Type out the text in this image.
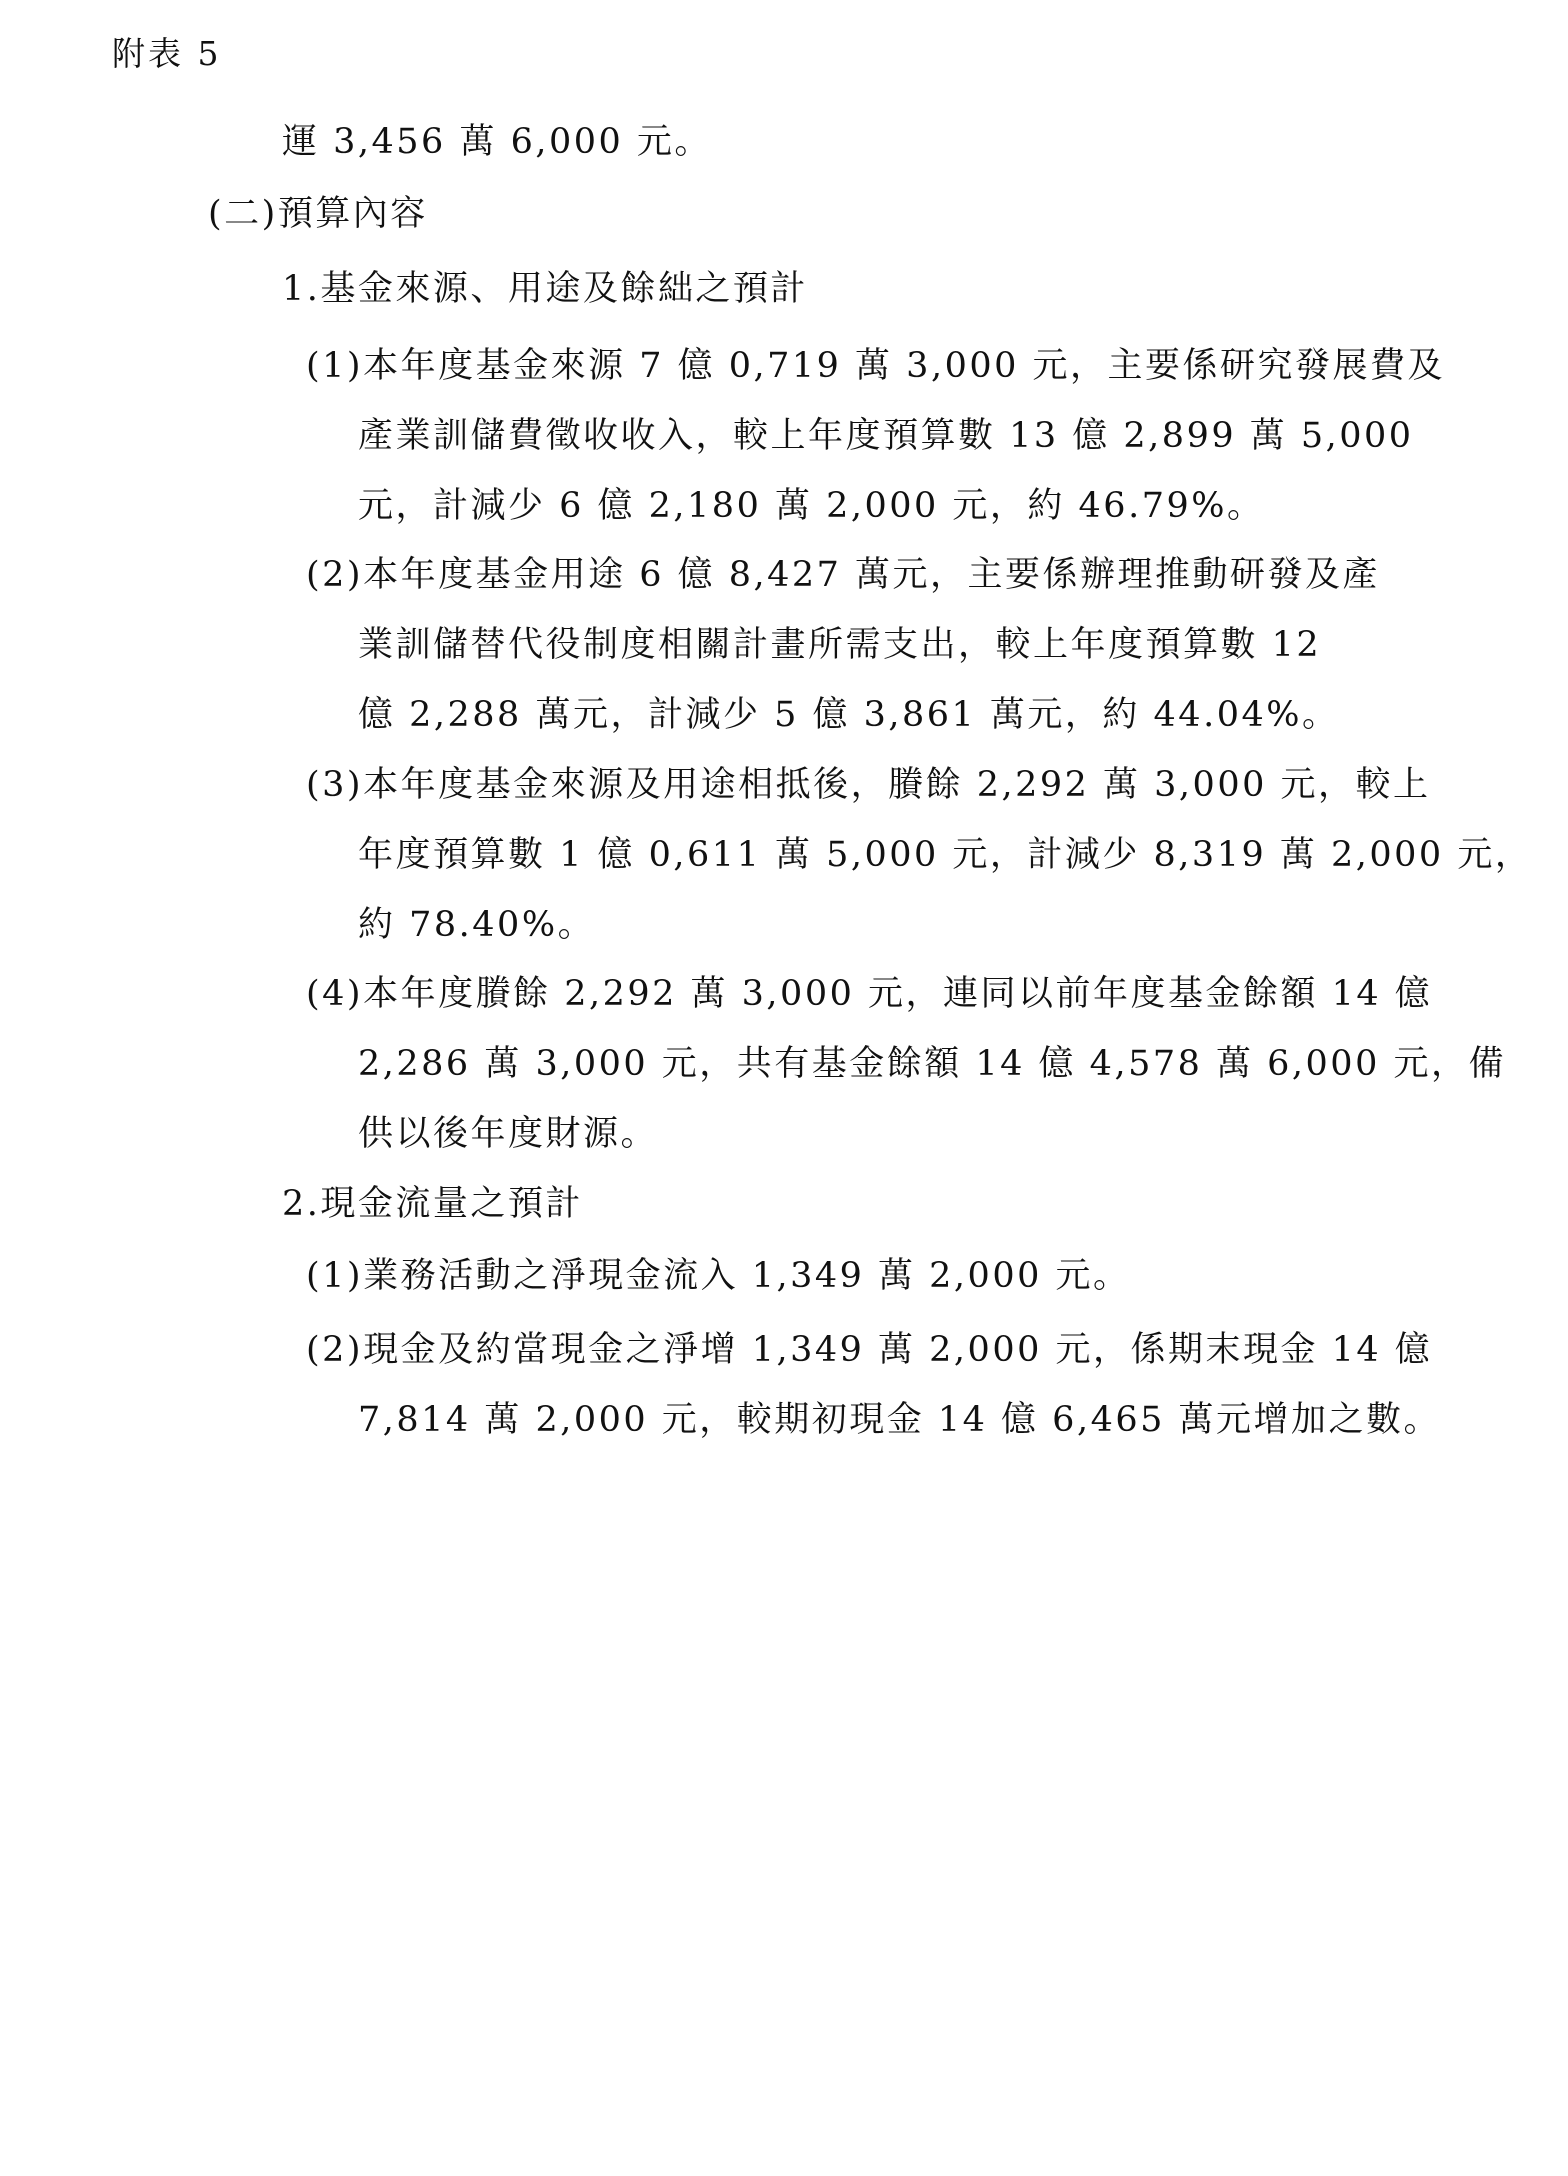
附表 5
運 3,456 萬 6,000 元。
(二)預算內容
1.基金來源、用途及餘絀之預計
(1)本年度基金來源 7 億 0,719 萬 3,000 元，主要係研究發展費及
產業訓儲費徵收收入，較上年度預算數 13 億 2,899 萬 5,000
元，計減少 6 億 2,180 萬 2,000 元，約 46.79%。
(2)本年度基金用途 6 億 8,427 萬元，主要係辦理推動研發及產
業訓儲替代役制度相關計畫所需支出，較上年度預算數 12
億 2,288 萬元，計減少 5 億 3,861 萬元，約 44.04%。
(3)本年度基金來源及用途相抵後，賸餘 2,292 萬 3,000 元，較上
年度預算數 1 億 0,611 萬 5,000 元，計減少 8,319 萬 2,000 元，
約 78.40%。
(4)本年度賸餘 2,292 萬 3,000 元，連同以前年度基金餘額 14 億
2,286 萬 3,000 元，共有基金餘額 14 億 4,578 萬 6,000 元，備
供以後年度財源。
2.現金流量之預計
(1)業務活動之淨現金流入 1,349 萬 2,000 元。
(2)現金及約當現金之淨增 1,349 萬 2,000 元，係期末現金 14 億
7,814 萬 2,000 元，較期初現金 14 億 6,465 萬元增加之數。
